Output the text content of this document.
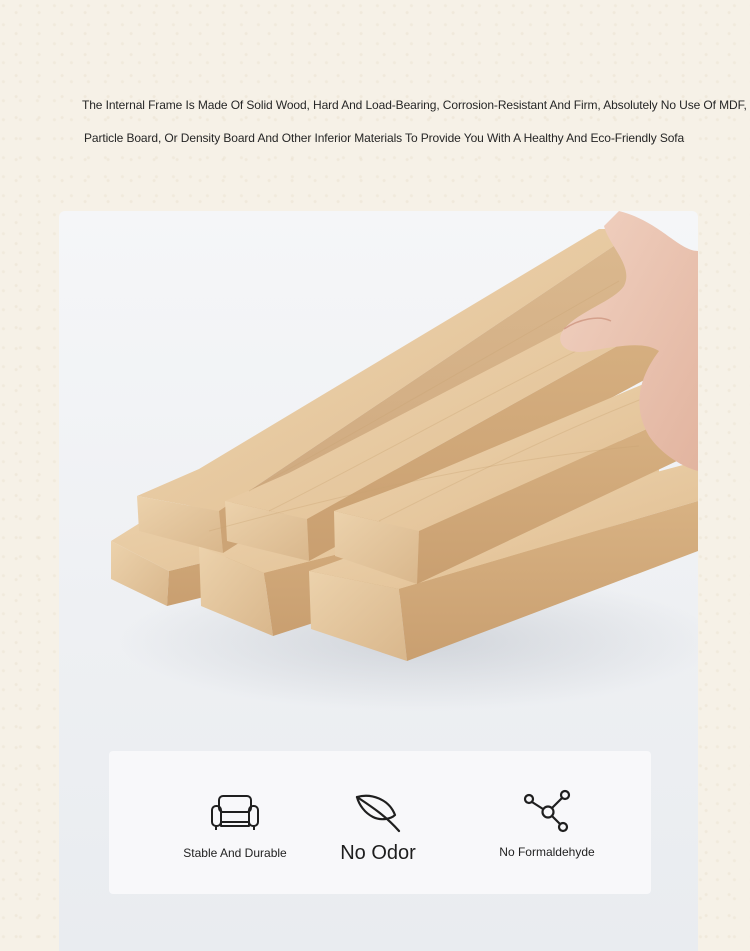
The Internal Frame Is Made Of Solid Wood, Hard And Load-Bearing, Corrosion-Resistant And Firm, Absolutely No Use Of MDF,
Particle Board, Or Density Board And Other Inferior Materials To Provide You With A Healthy And Eco-Friendly Sofa
Stable And Durable	No Odor	No Formaldehyde
